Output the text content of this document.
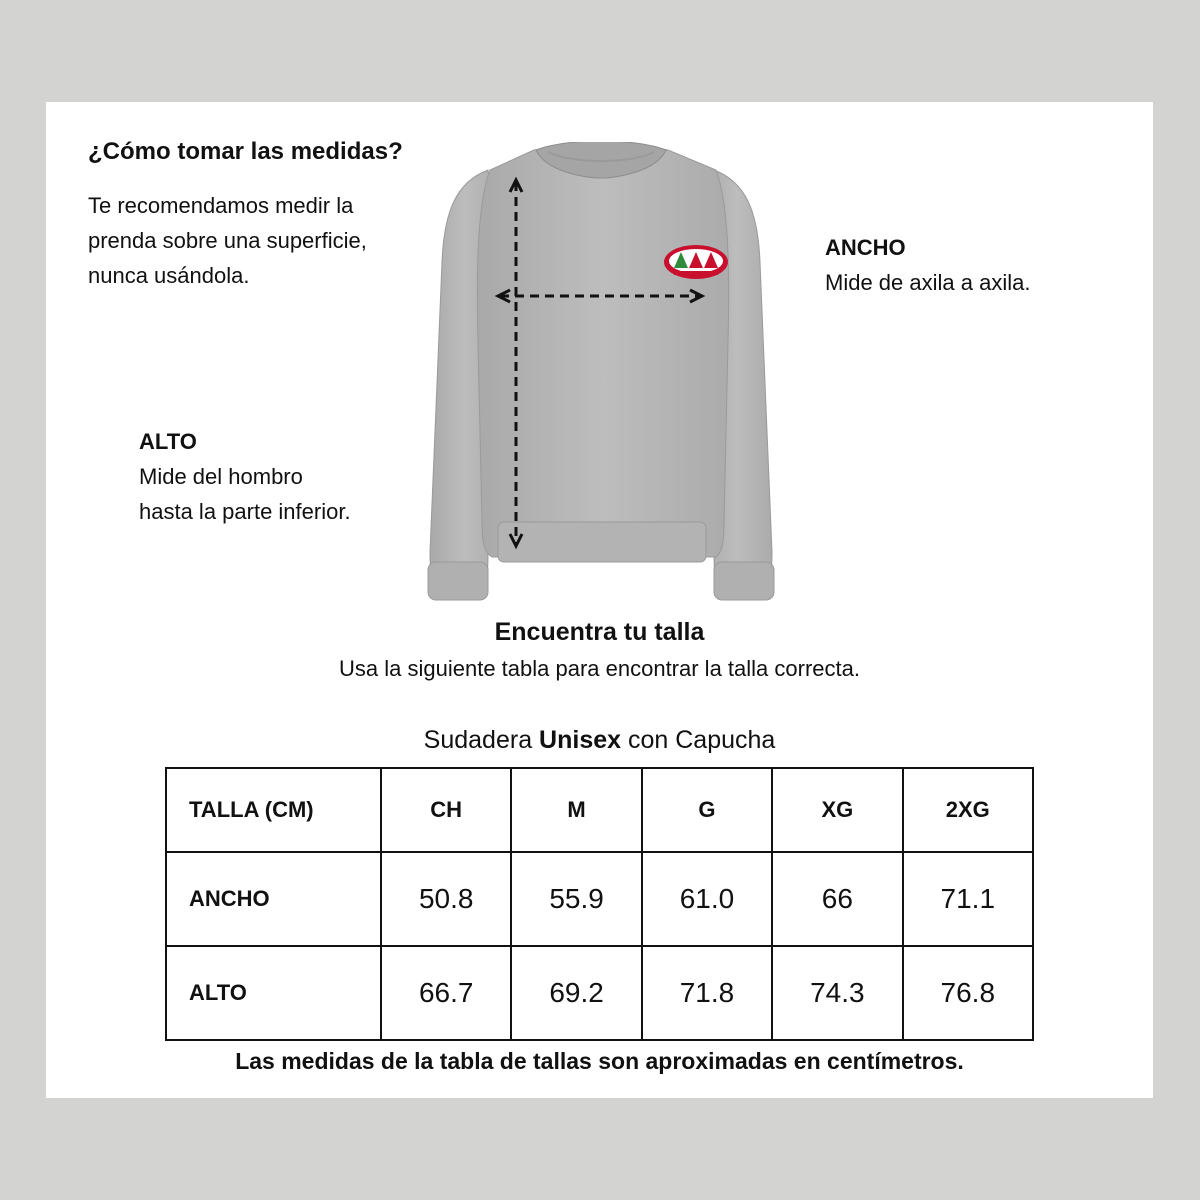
¿Cómo tomar las medidas?
Te recomendamos medir la
prenda sobre una superficie,
nunca usándola.
ANCHO
Mide de axila a axila.
ALTO
Mide del hombro
hasta la parte inferior.
Encuentra tu talla
Usa la siguiente tabla para encontrar la talla correcta.
Sudadera Unisex con Capucha
TALLA (CM)	CH	M	G	XG	2XG
ANCHO	50.8	55.9	61.0	66	71.1
ALTO	66.7	69.2	71.8	74.3	76.8
Las medidas de la tabla de tallas son aproximadas en centímetros.
